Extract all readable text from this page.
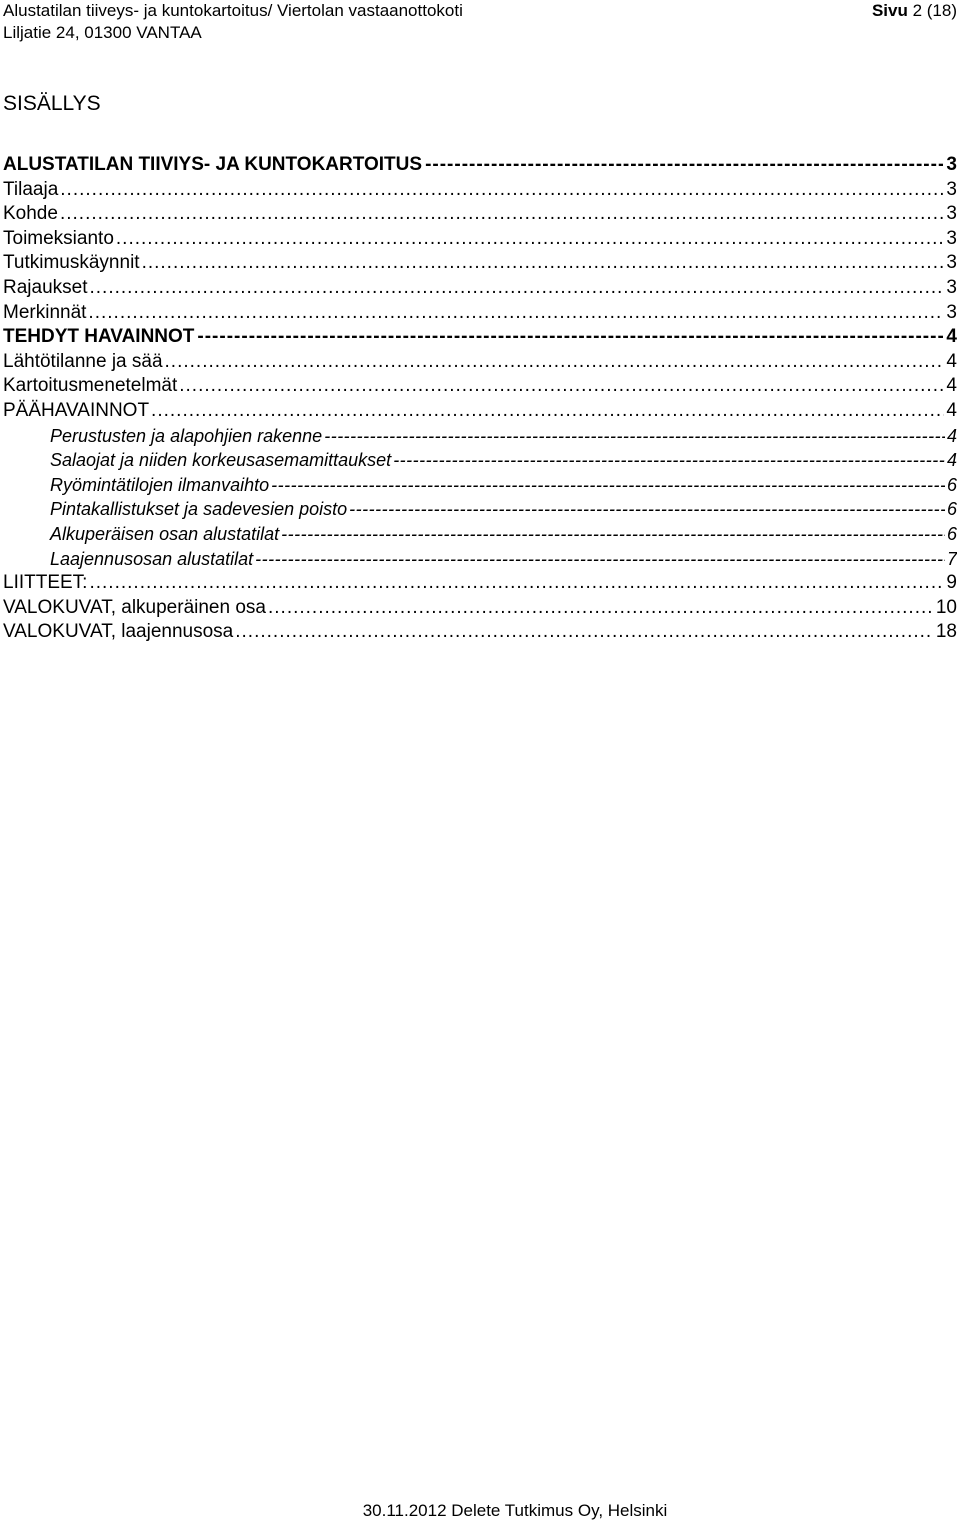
Alustatilan tiiveys- ja kuntokartoitus/ Viertolan vastaanottokoti	Sivu 2 (18)
Liljatie 24, 01300 VANTAA
SISÄLLYS
ALUSTATILAN TIIVIYS- JA KUNTOKARTOITUS -----	3
Tilaaja .....	3
Kohde .....	3
Toimeksianto .....	3
Tutkimuskäynnit .....	3
Rajaukset .....	3
Merkinnät .....	3
TEHDYT HAVAINNOT -----	4
Lähtötilanne ja sää .....	4
Kartoitusmenetelmät .....	4
PÄÄHAVAINNOT .....	4
Perustusten ja alapohjien rakenne -----	4
Salaojat ja niiden korkeusasemamittaukset -----	4
Ryömintätilojen ilmanvaihto -----	6
Pintakallistukset ja sadevesien poisto -----	6
Alkuperäisen osan alustatilat -----	6
Laajennusosan alustatilat -----	7
LIITTEET: .....	9
VALOKUVAT, alkuperäinen osa .....	10
VALOKUVAT, laajennusosa .....	18
30.11.2012 Delete Tutkimus Oy, Helsinki
